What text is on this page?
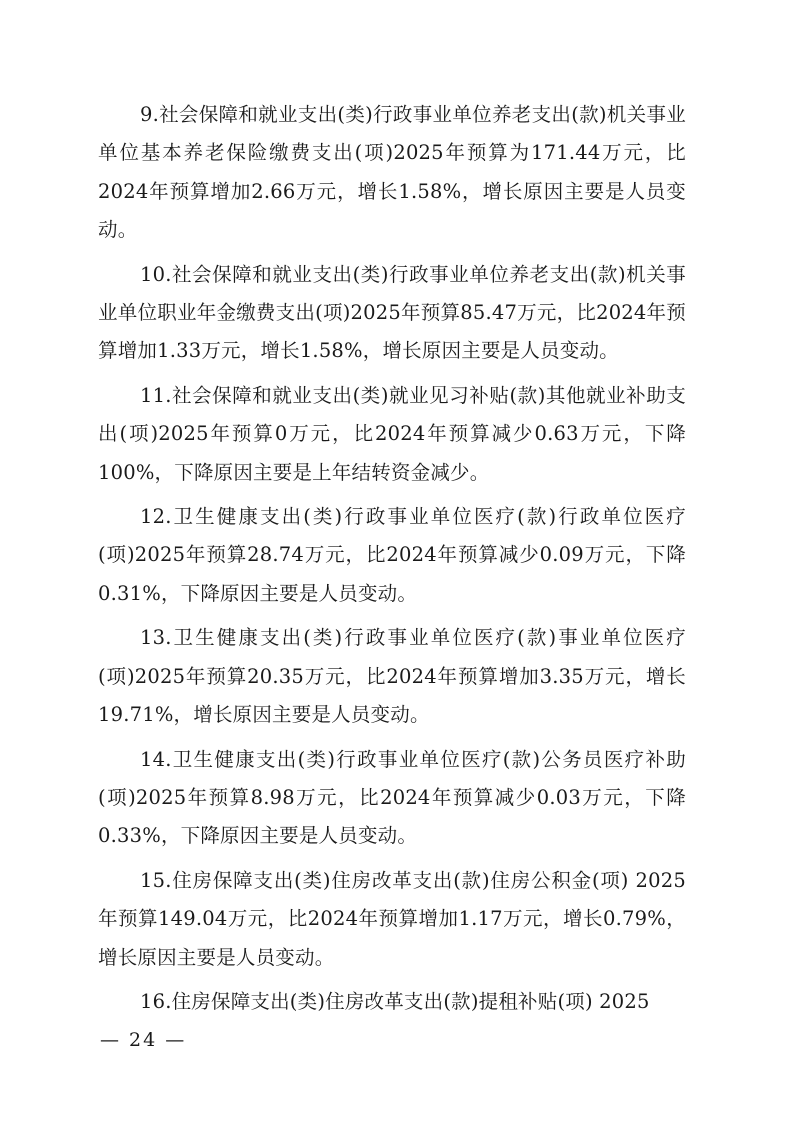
9.社会保障和就业支出(类)行政事业单位养老支出(款)机关事业单位基本养老保险缴费支出(项)2025年预算为171.44万元，比2024年预算增加2.66万元，增长1.58%，增长原因主要是人员变动。

10.社会保障和就业支出(类)行政事业单位养老支出(款)机关事业单位职业年金缴费支出(项)2025年预算85.47万元，比2024年预算增加1.33万元，增长1.58%，增长原因主要是人员变动。

11.社会保障和就业支出(类)就业见习补贴(款)其他就业补助支出(项)2025年预算0万元，比2024年预算减少0.63万元，下降100%，下降原因主要是上年结转资金减少。

12.卫生健康支出(类)行政事业单位医疗(款)行政单位医疗(项)2025年预算28.74万元，比2024年预算减少0.09万元，下降0.31%，下降原因主要是人员变动。

13.卫生健康支出(类)行政事业单位医疗(款)事业单位医疗(项)2025年预算20.35万元，比2024年预算增加3.35万元，增长19.71%，增长原因主要是人员变动。

14.卫生健康支出(类)行政事业单位医疗(款)公务员医疗补助(项)2025年预算8.98万元，比2024年预算减少0.03万元，下降0.33%，下降原因主要是人员变动。

15.住房保障支出(类)住房改革支出(款)住房公积金(项) 2025年预算149.04万元，比2024年预算增加1.17万元，增长0.79%，增长原因主要是人员变动。

16.住房保障支出(类)住房改革支出(款)提租补贴(项) 2025

— 24 —
